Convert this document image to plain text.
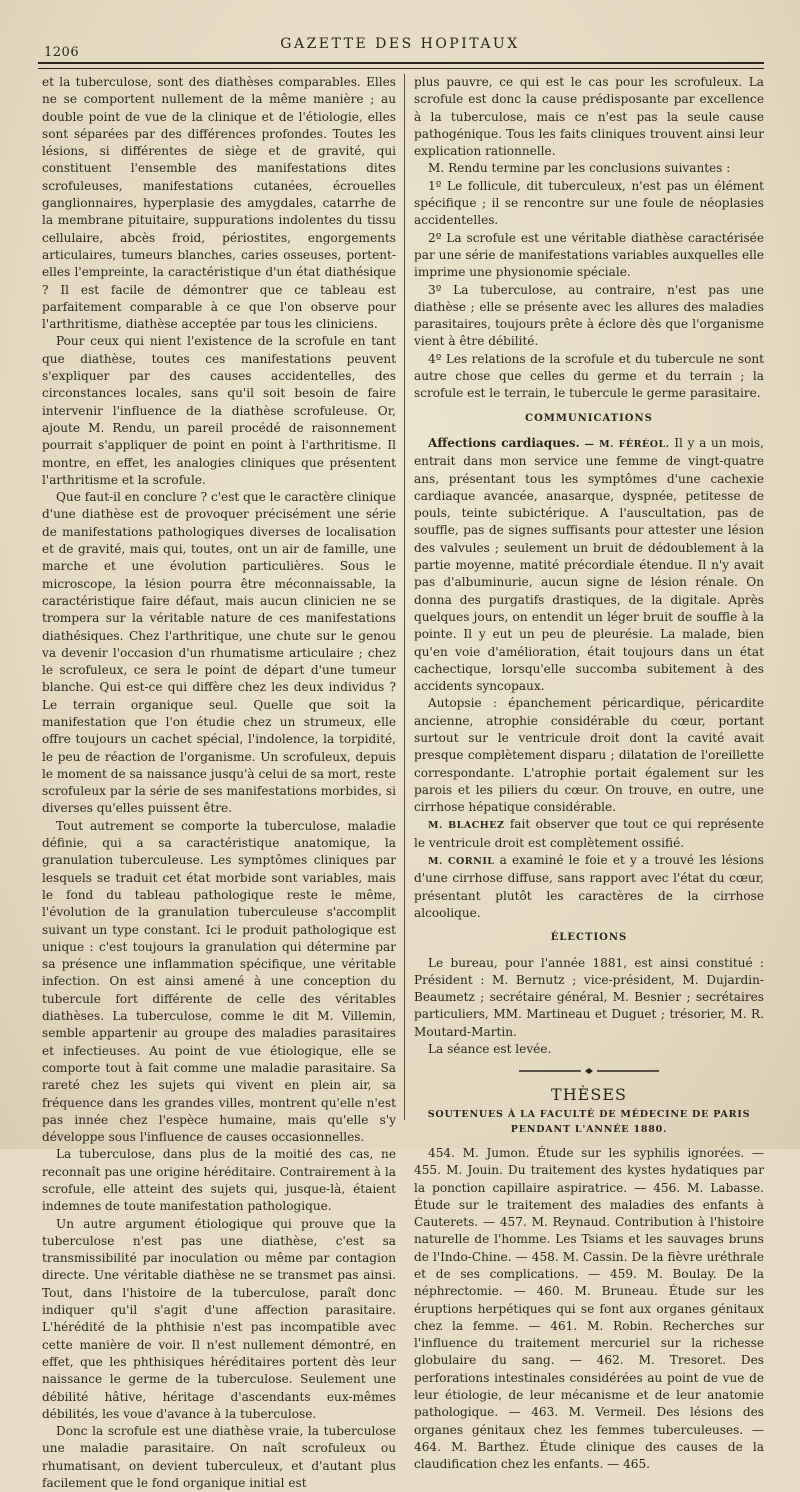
1206
GAZETTE DES HOPITAUX

et la tuberculose, sont des diathèses comparables. Elles ne se comportent nullement de la même manière ; au double point de vue de la clinique et de l'étiologie, elles sont séparées par des différences profondes. Toutes les lésions, si différentes de siège et de gravité, qui constituent l'ensemble des manifestations dites scrofuleuses, manifestations cutanées, écrouelles ganglionnaires, hyperplasie des amygdales, catarrhe de la membrane pituitaire, suppurations indolentes du tissu cellulaire, abcès froid, périostites, engorgements articulaires, tumeurs blanches, caries osseuses, portent-elles l'empreinte, la caractéristique d'un état diathésique ? Il est facile de démontrer que ce tableau est parfaitement comparable à ce que l'on observe pour l'arthritisme, diathèse acceptée par tous les cliniciens.

Pour ceux qui nient l'existence de la scrofule en tant que diathèse, toutes ces manifestations peuvent s'expliquer par des causes accidentelles, des circonstances locales, sans qu'il soit besoin de faire intervenir l'influence de la diathèse scrofuleuse. Or, ajoute M. Rendu, un pareil procédé de raisonnement pourrait s'appliquer de point en point à l'arthritisme. Il montre, en effet, les analogies cliniques que présentent l'arthritisme et la scrofule.

Que faut-il en conclure ? c'est que le caractère clinique d'une diathèse est de provoquer précisément une série de manifestations pathologiques diverses de localisation et de gravité, mais qui, toutes, ont un air de famille, une marche et une évolution particulières. Sous le microscope, la lésion pourra être méconnaissable, la caractéristique faire défaut, mais aucun clinicien ne se trompera sur la véritable nature de ces manifestations diathésiques. Chez l'arthritique, une chute sur le genou va devenir l'occasion d'un rhumatisme articulaire ; chez le scrofuleux, ce sera le point de départ d'une tumeur blanche. Qui est-ce qui diffère chez les deux individus ? Le terrain organique seul. Quelle que soit la manifestation que l'on étudie chez un strumeux, elle offre toujours un cachet spécial, l'indolence, la torpidité, le peu de réaction de l'organisme. Un scrofuleux, depuis le moment de sa naissance jusqu'à celui de sa mort, reste scrofuleux par la série de ses manifestations morbides, si diverses qu'elles puissent être.

Tout autrement se comporte la tuberculose, maladie définie, qui a sa caractéristique anatomique, la granulation tuberculeuse. Les symptômes cliniques par lesquels se traduit cet état morbide sont variables, mais le fond du tableau pathologique reste le même, l'évolution de la granulation tuberculeuse s'accomplit suivant un type constant. Ici le produit pathologique est unique : c'est toujours la granulation qui détermine par sa présence une inflammation spécifique, une véritable infection. On est ainsi amené à une conception du tubercule fort différente de celle des véritables diathèses. La tuberculose, comme le dit M. Villemin, semble appartenir au groupe des maladies parasitaires et infectieuses. Au point de vue étiologique, elle se comporte tout à fait comme une maladie parasitaire. Sa rareté chez les sujets qui vivent en plein air, sa fréquence dans les grandes villes, montrent qu'elle n'est pas innée chez l'espèce humaine, mais qu'elle s'y développe sous l'influence de causes occasionnelles.

La tuberculose, dans plus de la moitié des cas, ne reconnaît pas une origine héréditaire. Contrairement à la scrofule, elle atteint des sujets qui, jusque-là, étaient indemnes de toute manifestation pathologique.

Un autre argument étiologique qui prouve que la tuberculose n'est pas une diathèse, c'est sa transmissibilité par inoculation ou même par contagion directe. Une véritable diathèse ne se transmet pas ainsi. Tout, dans l'histoire de la tuberculose, paraît donc indiquer qu'il s'agit d'une affection parasitaire. L'hérédité de la phthisie n'est pas incompatible avec cette manière de voir. Il n'est nullement démontré, en effet, que les phthisiques héréditaires portent dès leur naissance le germe de la tuberculose. Seulement une débilité hâtive, héritage d'ascendants eux-mêmes débilités, les voue d'avance à la tuberculose.

Donc la scrofule est une diathèse vraie, la tuberculose une maladie parasitaire. On naît scrofuleux ou rhumatisant, on devient tuberculeux, et d'autant plus facilement que le fond organique initial est

plus pauvre, ce qui est le cas pour les scrofuleux. La scrofule est donc la cause prédisposante par excellence à la tuberculose, mais ce n'est pas la seule cause pathogénique. Tous les faits cliniques trouvent ainsi leur explication rationnelle.

M. Rendu termine par les conclusions suivantes :

1º Le follicule, dit tuberculeux, n'est pas un élément spécifique ; il se rencontre sur une foule de néoplasies accidentelles.

2º La scrofule est une véritable diathèse caractérisée par une série de manifestations variables auxquelles elle imprime une physionomie spéciale.

3º La tuberculose, au contraire, n'est pas une diathèse ; elle se présente avec les allures des maladies parasitaires, toujours prête à éclore dès que l'organisme vient à être débilité.

4º Les relations de la scrofule et du tubercule ne sont autre chose que celles du germe et du terrain ; la scrofule est le terrain, le tubercule le germe parasitaire.

COMMUNICATIONS

Affections cardiaques. — M. FÉRÉOL. Il y a un mois, entrait dans mon service une femme de vingt-quatre ans, présentant tous les symptômes d'une cachexie cardiaque avancée, anasarque, dyspnée, petitesse de pouls, teinte subictérique. A l'auscultation, pas de souffle, pas de signes suffisants pour attester une lésion des valvules ; seulement un bruit de dédoublement à la partie moyenne, matité précordiale étendue. Il n'y avait pas d'albuminurie, aucun signe de lésion rénale. On donna des purgatifs drastiques, de la digitale. Après quelques jours, on entendit un léger bruit de souffle à la pointe. Il y eut un peu de pleurésie. La malade, bien qu'en voie d'amélioration, était toujours dans un état cachectique, lorsqu'elle succomba subitement à des accidents syncopaux.

Autopsie : épanchement péricardique, péricardite ancienne, atrophie considérable du cœur, portant surtout sur le ventricule droit dont la cavité avait presque complètement disparu ; dilatation de l'oreillette correspondante. L'atrophie portait également sur les parois et les piliers du cœur. On trouve, en outre, une cirrhose hépatique considérable.

M. BLACHEZ fait observer que tout ce qui représente le ventricule droit est complètement ossifié.

M. CORNIL a examiné le foie et y a trouvé les lésions d'une cirrhose diffuse, sans rapport avec l'état du cœur, présentant plutôt les caractères de la cirrhose alcoolique.

ÉLECTIONS

Le bureau, pour l'année 1881, est ainsi constitué : Président : M. Bernutz ; vice-président, M. Dujardin-Beaumetz ; secrétaire général, M. Besnier ; secrétaires particuliers, MM. Martineau et Duguet ; trésorier, M. R. Moutard-Martin.

La séance est levée.

THÈSES
SOUTENUES À LA FACULTÉ DE MÉDECINE DE PARIS
PENDANT L'ANNÉE 1880.

454. M. Jumon. Étude sur les syphilis ignorées. — 455. M. Jouin. Du traitement des kystes hydatiques par la ponction capillaire aspiratrice. — 456. M. Labasse. Étude sur le traitement des maladies des enfants à Cauterets. — 457. M. Reynaud. Contribution à l'histoire naturelle de l'homme. Les Tsiams et les sauvages bruns de l'Indo-Chine. — 458. M. Cassin. De la fièvre uréthrale et de ses complications. — 459. M. Boulay. De la néphrectomie. — 460. M. Bruneau. Étude sur les éruptions herpétiques qui se font aux organes génitaux chez la femme. — 461. M. Robin. Recherches sur l'influence du traitement mercuriel sur la richesse globulaire du sang. — 462. M. Tresoret. Des perforations intestinales considérées au point de vue de leur étiologie, de leur mécanisme et de leur anatomie pathologique. — 463. M. Vermeil. Des lésions des organes génitaux chez les femmes tuberculeuses. — 464. M. Barthez. Étude clinique des causes de la claudification chez les enfants. — 465.
